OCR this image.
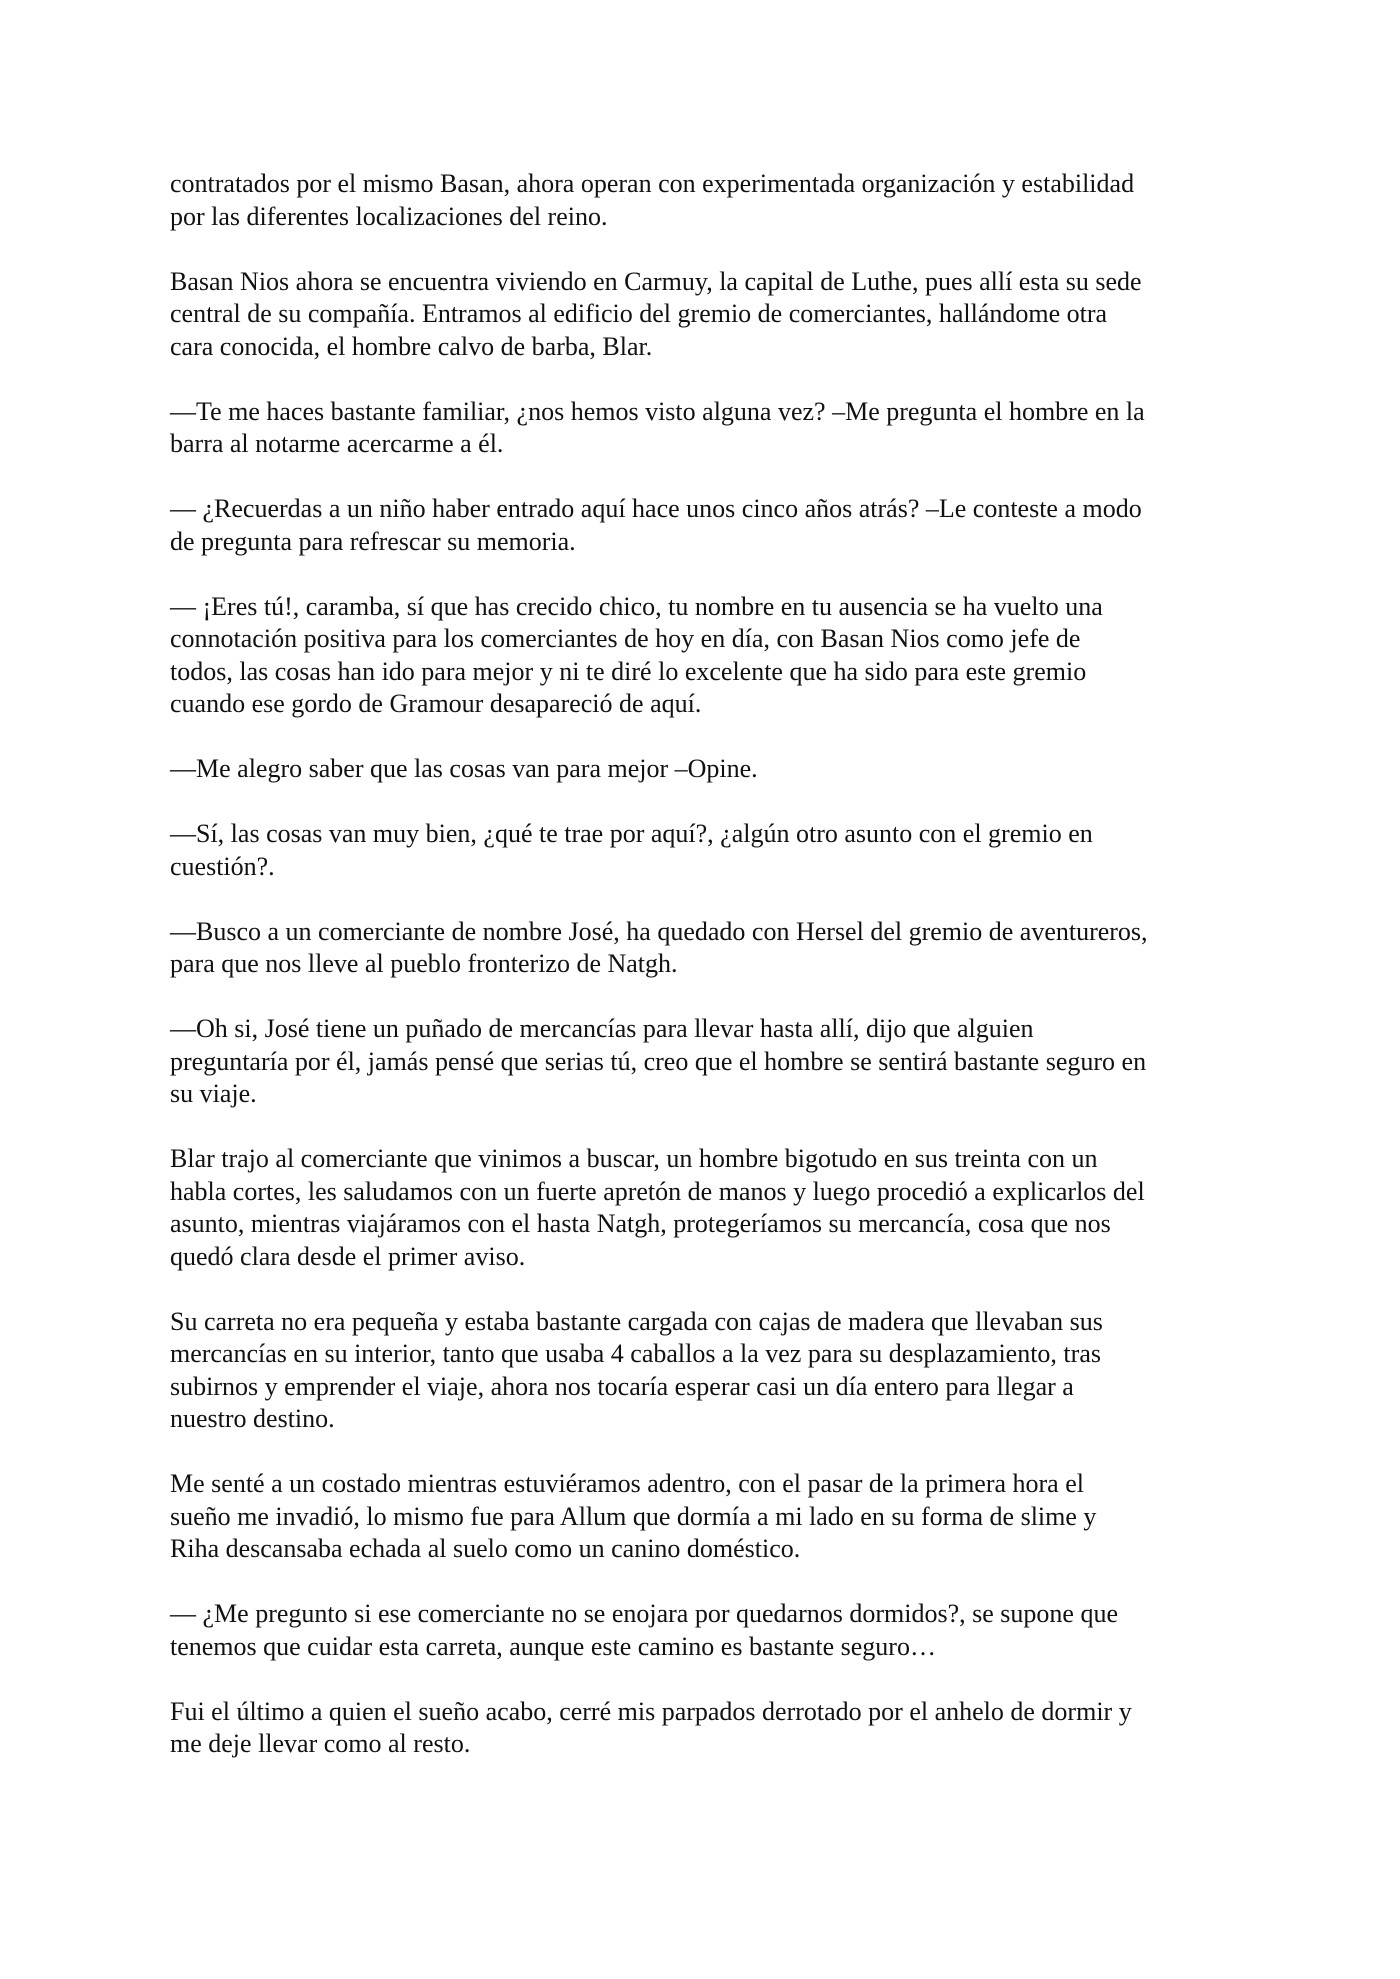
contratados por el mismo Basan, ahora operan con experimentada organización y estabilidad
por las diferentes localizaciones del reino.

Basan Nios ahora se encuentra viviendo en Carmuy, la capital de Luthe, pues allí esta su sede
central de su compañía. Entramos al edificio del gremio de comerciantes, hallándome otra
cara conocida, el hombre calvo de barba, Blar.

—Te me haces bastante familiar, ¿nos hemos visto alguna vez? –Me pregunta el hombre en la
barra al notarme acercarme a él.

— ¿Recuerdas a un niño haber entrado aquí hace unos cinco años atrás? –Le conteste a modo
de pregunta para refrescar su memoria.

— ¡Eres tú!, caramba, sí que has crecido chico, tu nombre en tu ausencia se ha vuelto una
connotación positiva para los comerciantes de hoy en día, con Basan Nios como jefe de
todos, las cosas han ido para mejor y ni te diré lo excelente que ha sido para este gremio
cuando ese gordo de Gramour desapareció de aquí.

—Me alegro saber que las cosas van para mejor –Opine.

—Sí, las cosas van muy bien, ¿qué te trae por aquí?, ¿algún otro asunto con el gremio en
cuestión?.

—Busco a un comerciante de nombre José, ha quedado con Hersel del gremio de aventureros,
para que nos lleve al pueblo fronterizo de Natgh.

—Oh si, José tiene un puñado de mercancías para llevar hasta allí, dijo que alguien
preguntaría por él, jamás pensé que serias tú, creo que el hombre se sentirá bastante seguro en
su viaje.

Blar trajo al comerciante que vinimos a buscar, un hombre bigotudo en sus treinta con un
habla cortes, les saludamos con un fuerte apretón de manos y luego procedió a explicarlos del
asunto, mientras viajáramos con el hasta Natgh, protegeríamos su mercancía, cosa que nos
quedó clara desde el primer aviso.

Su carreta no era pequeña y estaba bastante cargada con cajas de madera que llevaban sus
mercancías en su interior, tanto que usaba 4 caballos a la vez para su desplazamiento, tras
subirnos y emprender el viaje, ahora nos tocaría esperar casi un día entero para llegar a
nuestro destino.

Me senté a un costado mientras estuviéramos adentro, con el pasar de la primera hora el
sueño me invadió, lo mismo fue para Allum que dormía a mi lado en su forma de slime y
Riha descansaba echada al suelo como un canino doméstico.

— ¿Me pregunto si ese comerciante no se enojara por quedarnos dormidos?, se supone que
tenemos que cuidar esta carreta, aunque este camino es bastante seguro…

Fui el último a quien el sueño acabo, cerré mis parpados derrotado por el anhelo de dormir y
me deje llevar como al resto.
